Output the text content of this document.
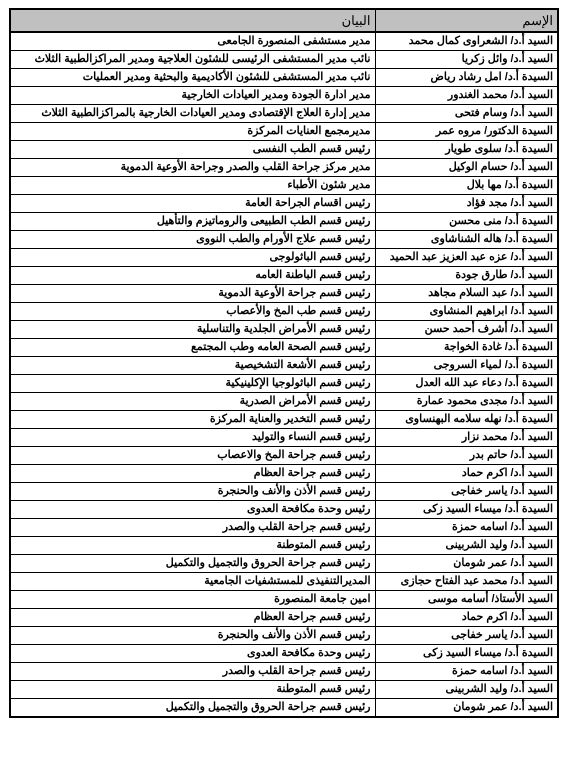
الإسم	البيان
السيد أ.د/ الشعراوى كمال محمد	مدير مستشفى المنصورة الجامعى
السيد أ.د/ وائل زكريا	نائب مدير المستشفى الرئيسى للشئون العلاجية ومدير المراكزالطبية الثلاث
السيدة أ.د/ امل رشاد رياض	نائب مدير المستشفى للشئون الأكاديمية والبحثية ومدير العمليات
السيد أ.د/ محمد الغندور	مدير ادارة الجودة ومدير العيادات الخارجية
السيد أ.د/ وسام فتحى	مدير إدارة العلاج الإقتصادى ومدير العيادات الخارجية بالمراكزالطبية الثلاث
السيدة الدكتور/ مروه عمر	مديرمجمع العنايات المركزة
السيدة أ.د/ سلوى طويار	رئيس قسم الطب النفسى
السيد أ.د/ حسام الوكيل	مدير مركز جراحة القلب والصدر وجراحة الأوعية الدموية
السيدة أ.د/ مها بلال	مدير شئون الأطباء
السيد أ.د/ مجد فؤاد	رئيس اقسام الجراحة العامة
السيدة أ.د/ منى محسن	رئيس قسم الطب الطبيعى والروماتيزم والتأهيل
السيدة أ.د/ هاله الشناشاوى	رئيس قسم علاج الأورام والطب النووى
السيد أ.د/ عزه عبد العزيز عبد الحميد	رئيس قسم الباثولوجى
السيد أ.د/ طارق جودة	رئيس قسم الباطنة العامه
السيد أ.د/ عبد السلام مجاهد	رئيس قسم جراحة الأوعية الدموية
السيد أ.د/ ابراهيم المنشاوى	رئيس قسم طب المخ والأعصاب
السيد أ.د/ أشرف أحمد حسن	رئيس قسم الأمراض الجلدية والتناسلية
السيدة أ.د/ غادة الخواجة	رئيس قسم الصحة العامه وطب المجتمع
السيدة أ.د/ لمياء السروجى	رئيس قسم الأشعة التشخيصية
السيدة أ.د/ دعاء عبد الله العدل	رئيس قسم الباثولوجيا الإكلينيكية
السيد أ.د/ مجدى محمود عمارة	رئيس قسم الأمراض الصدرية
السيدة أ.د/ نهله سلامه البهنساوى	رئيس قسم التخدير والعناية المركزة
السيد أ.د/ محمد نزار	رئيس قسم النساء والتوليد
السيد أ.د/ حاتم بدر	رئيس قسم جراحة المخ والاعصاب
السيد أ.د/ اكرم حماد	رئيس قسم جراحة العظام
السيد أ.د/ ياسر خفاجى	رئيس قسم الأذن والأنف والحنجرة
السيدة أ.د/ ميساء السيد زكى	رئيس وحدة مكافحة العدوى
السيد أ.د/ اسامه حمزة	رئيس قسم جراحة القلب والصدر
السيد أ.د/ وليد الشربينى	رئيس قسم المتوطنة
السيد أ.د/ عمر شومان	رئيس قسم جراحة الحروق والتجميل والتكميل
السيد أ.د/ محمد عبد الفتاح حجازى	المديرالتنفيذى للمستشفيات الجامعية
السيد الأستاذ/ أسامه موسى	امين جامعة المنصورة
السيد أ.د/ اكرم حماد	رئيس قسم جراحة العظام
السيد أ.د/ ياسر خفاجى	رئيس قسم الأذن والأنف والحنجرة
السيدة أ.د/ ميساء السيد زكى	رئيس وحدة مكافحة العدوى
السيد أ.د/ اسامه حمزة	رئيس قسم جراحة القلب والصدر
السيد أ.د/ وليد الشربينى	رئيس قسم المتوطنة
السيد أ.د/ عمر شومان	رئيس قسم جراحة الحروق والتجميل والتكميل
